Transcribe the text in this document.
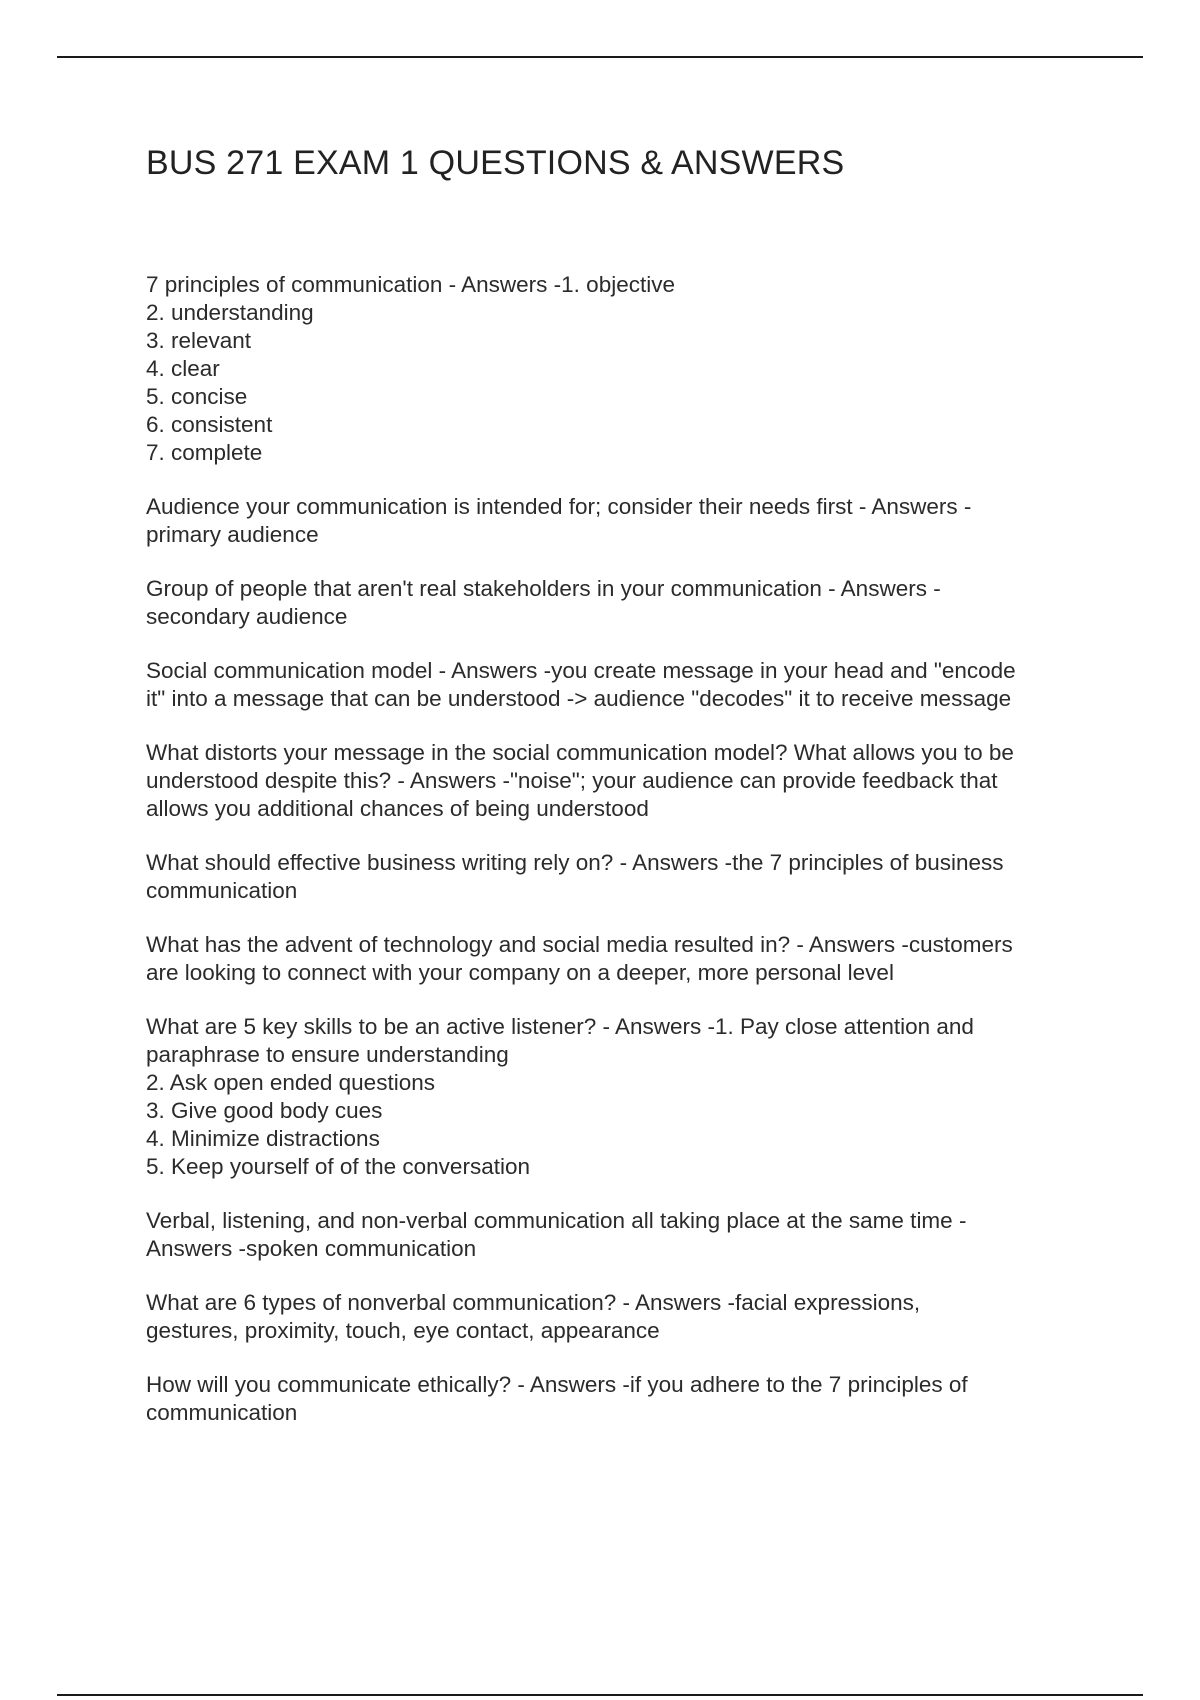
BUS 271 EXAM 1 QUESTIONS & ANSWERS
7 principles of communication - Answers -1. objective
2. understanding
3. relevant
4. clear
5. concise
6. consistent
7. complete
Audience your communication is intended for; consider their needs first - Answers -
primary audience
Group of people that aren't real stakeholders in your communication - Answers -
secondary audience
Social communication model - Answers -you create message in your head and "encode
it" into a message that can be understood -> audience "decodes" it to receive message
What distorts your message in the social communication model? What allows you to be
understood despite this? - Answers -"noise"; your audience can provide feedback that
allows you additional chances of being understood
What should effective business writing rely on? - Answers -the 7 principles of business
communication
What has the advent of technology and social media resulted in? - Answers -customers
are looking to connect with your company on a deeper, more personal level
What are 5 key skills to be an active listener? - Answers -1. Pay close attention and
paraphrase to ensure understanding
2. Ask open ended questions
3. Give good body cues
4. Minimize distractions
5. Keep yourself of of the conversation
Verbal, listening, and non-verbal communication all taking place at the same time -
Answers -spoken communication
What are 6 types of nonverbal communication? - Answers -facial expressions,
gestures, proximity, touch, eye contact, appearance
How will you communicate ethically? - Answers -if you adhere to the 7 principles of
communication
